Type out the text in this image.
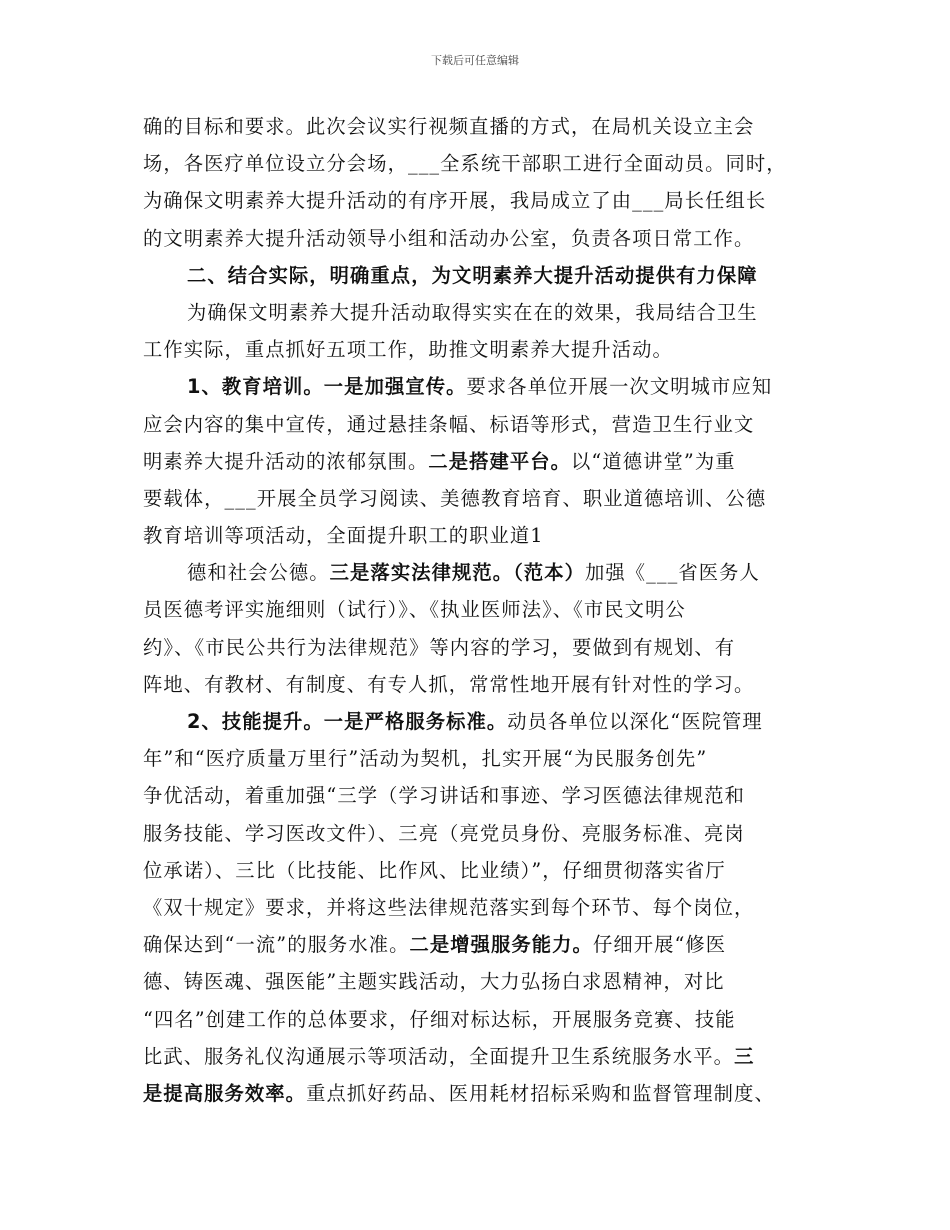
下载后可任意编辑
确的目标和要求。此次会议实行视频直播的方式，在局机关设立主会
场，各医疗单位设立分会场，___全系统干部职工进行全面动员。同时，
为确保文明素养大提升活动的有序开展，我局成立了由___局长任组长
的文明素养大提升活动领导小组和活动办公室，负责各项日常工作。
二、结合实际，明确重点，为文明素养大提升活动提供有力保障
为确保文明素养大提升活动取得实实在在的效果，我局结合卫生
工作实际，重点抓好五项工作，助推文明素养大提升活动。
1、教育培训。一是加强宣传。要求各单位开展一次文明城市应知
应会内容的集中宣传，通过悬挂条幅、标语等形式，营造卫生行业文
明素养大提升活动的浓郁氛围。二是搭建平台。以“道德讲堂”为重
要载体，___开展全员学习阅读、美德教育培育、职业道德培训、公德
教育培训等项活动，全面提升职工的职业道1
德和社会公德。三是落实法律规范。（范本）加强《___省医务人
员医德考评实施细则（试行）》、《执业医师法》、《市民文明公
约》、《市民公共行为法律规范》等内容的学习，要做到有规划、有
阵地、有教材、有制度、有专人抓，常常性地开展有针对性的学习。
2、技能提升。一是严格服务标准。动员各单位以深化“医院管理
年”和“医疗质量万里行”活动为契机，扎实开展“为民服务创先”
争优活动，着重加强“三学（学习讲话和事迹、学习医德法律规范和
服务技能、学习医改文件）、三亮（亮党员身份、亮服务标准、亮岗
位承诺）、三比（比技能、比作风、比业绩）”，仔细贯彻落实省厅
《双十规定》要求，并将这些法律规范落实到每个环节、每个岗位，
确保达到“一流”的服务水准。二是增强服务能力。仔细开展“修医
德、铸医魂、强医能”主题实践活动，大力弘扬白求恩精神，对比
“四名”创建工作的总体要求，仔细对标达标，开展服务竞赛、技能
比武、服务礼仪沟通展示等项活动，全面提升卫生系统服务水平。三
是提高服务效率。重点抓好药品、医用耗材招标采购和监督管理制度、
